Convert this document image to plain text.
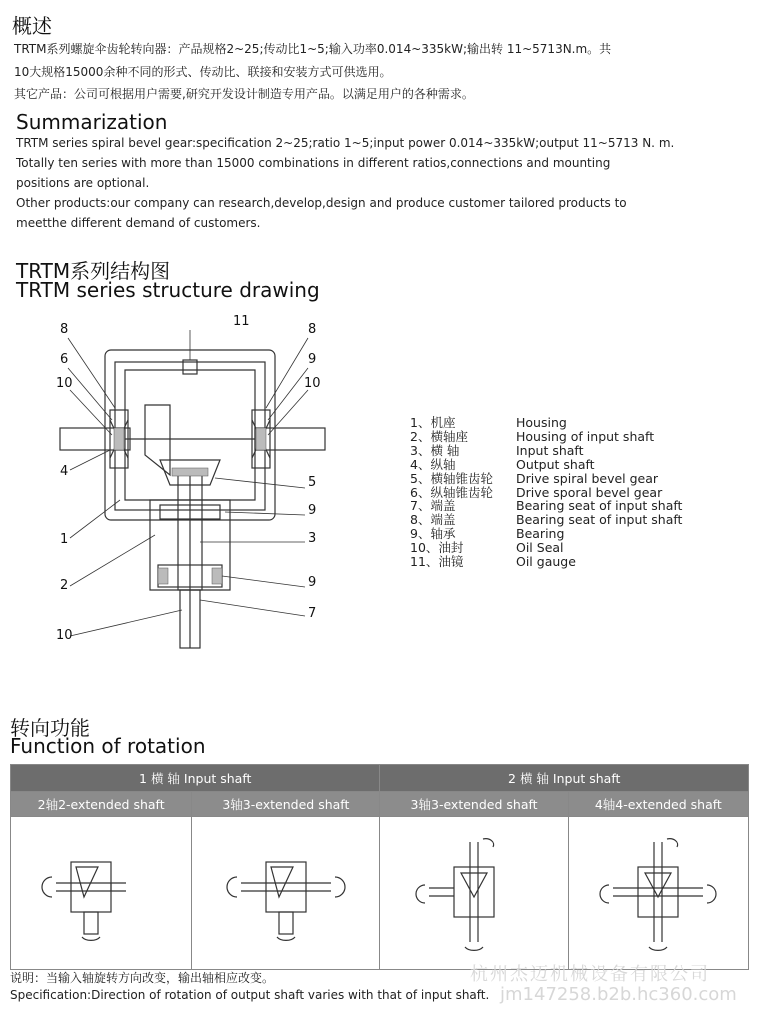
概述
TRTM系列螺旋伞齿轮转向器：产品规格2~25;传动比1~5;输入功率0.014~335kW;输出转 11~5713N.m。共
10大规格15000余种不同的形式、传动比、联接和安装方式可供选用。
其它产品：公司可根据用户需要,研究开发设计制造专用产品。以满足用户的各种需求。
Summarization
TRTM series spiral bevel gear:specification 2~25;ratio 1~5;input power 0.014~335kW;output 11~5713 N. m.
Totally ten series with more than 15000 combinations in different ratios,connections and mounting
positions are optional.
Other products:our company can research,develop,design and produce customer tailored products to
meetthe different demand of customers.
TRTM系列结构图
TRTM series structure drawing
11
8
6
10
4
1
2
10
8
9
10
5
9
3
9
7
1、机座	Housing
2、横轴座	Housing of input shaft
3、横 轴	Input shaft
4、纵轴	Output shaft
5、横轴锥齿轮	Drive spiral bevel gear
6、纵轴锥齿轮	Drive sporal bevel gear
7、端盖	Bearing seat of input shaft
8、端盖	Bearing seat of input shaft
9、轴承	Bearing
10、油封	Oil Seal
11、油镜	Oil gauge
转向功能
Function of rotation
1 横 轴 Input shaft		2 横 轴 Input shaft	
2轴2-extended shaft	3轴3-extended shaft	3轴3-extended shaft	4轴4-extended shaft

说明：当输入轴旋转方向改变，输出轴相应改变。
Specification:Direction of rotation of output shaft varies with that of input shaft.
杭州杰迈机械设备有限公司
jm147258.b2b.hc360.com
